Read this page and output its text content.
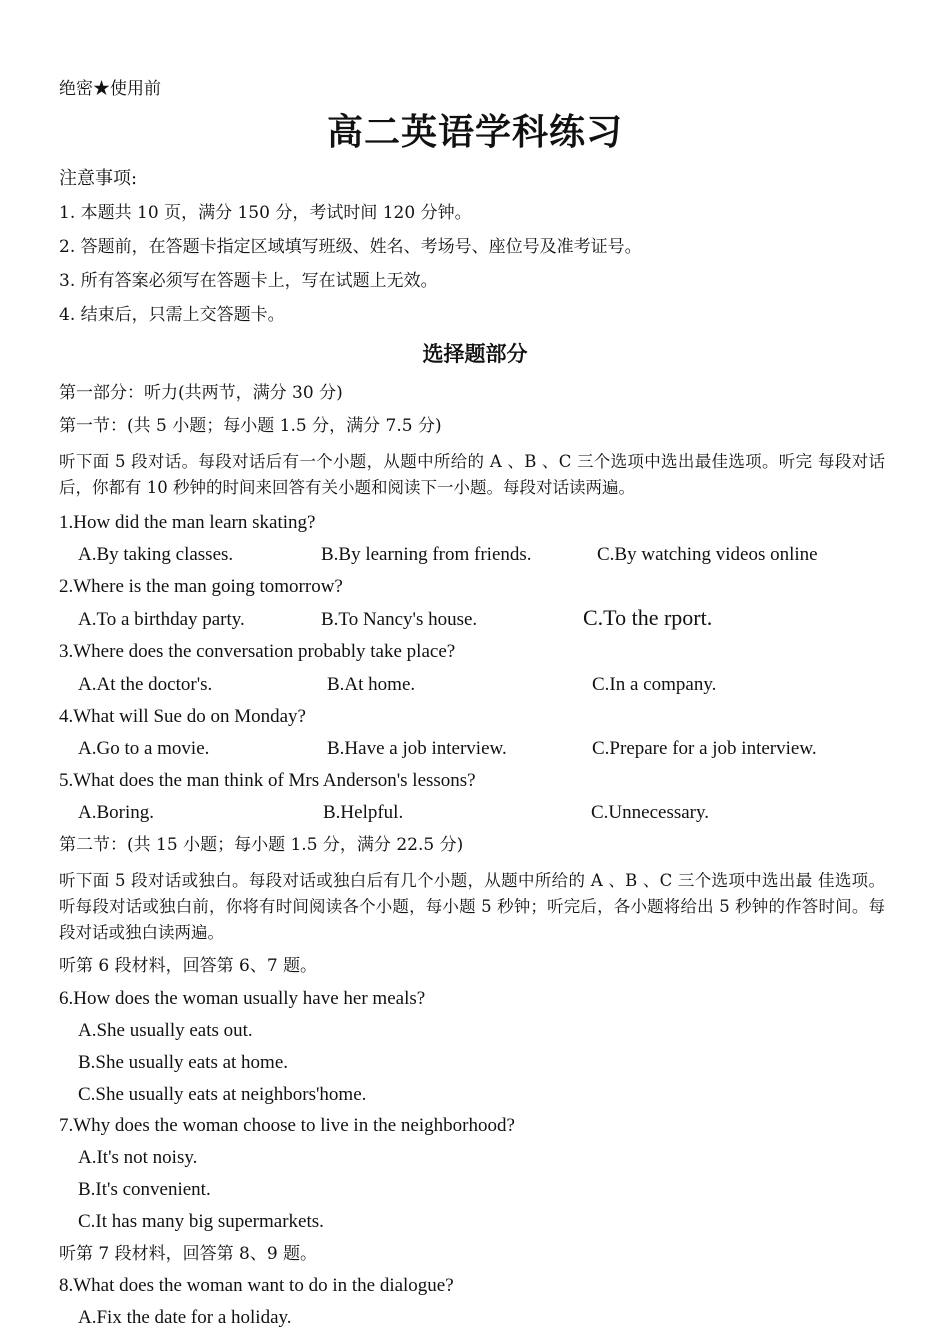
绝密★使用前
高二英语学科练习
注意事项:
1. 本题共 10 页，满分 150 分，考试时间 120 分钟。
2. 答题前，在答题卡指定区域填写班级、姓名、考场号、座位号及准考证号。
3. 所有答案必须写在答题卡上，写在试题上无效。
4. 结束后，只需上交答题卡。
选择题部分
第一部分：听力(共两节，满分 30 分)
第一节：(共 5 小题；每小题 1.5 分，满分 7.5 分)
听下面 5 段对话。每段对话后有一个小题，从题中所给的 A 、B 、C 三个选项中选出最佳选项。听完 每段对话后，你都有 10 秒钟的时间来回答有关小题和阅读下一小题。每段对话读两遍。
1.How did the man learn skating?
A.By taking classes.	B.By learning from friends.	C.By watching videos online
2.Where is the man going tomorrow?
A.To a birthday party.	B.To Nancy's house.	C.To the rport.
3.Where does the conversation probably take place?
A.At the doctor's.	B.At home.	C.In a company.
4.What will Sue do on Monday?
A.Go to a movie.	B.Have a job interview.	C.Prepare for a job interview.
5.What does the man think of Mrs Anderson's lessons?
A.Boring.	B.Helpful.	C.Unnecessary.
第二节：(共 15 小题；每小题 1.5 分，满分 22.5 分)
听下面 5 段对话或独白。每段对话或独白后有几个小题，从题中所给的 A 、B 、C 三个选项中选出最 佳选项。听每段对话或独白前，你将有时间阅读各个小题，每小题 5 秒钟；听完后，各小题将给出 5 秒钟的作答时间。每段对话或独白读两遍。
听第 6 段材料，回答第 6、7 题。
6.How does the woman usually have her meals?
A.She usually eats out.
B.She usually eats at home.
C.She usually eats at neighbors'home.
7.Why does the woman choose to live in the neighborhood?
A.It's not noisy.
B.It's convenient.
C.It has many big supermarkets.
听第 7 段材料，回答第 8、9 题。
8.What does the woman want to do in the dialogue?
A.Fix the date for a holiday.
